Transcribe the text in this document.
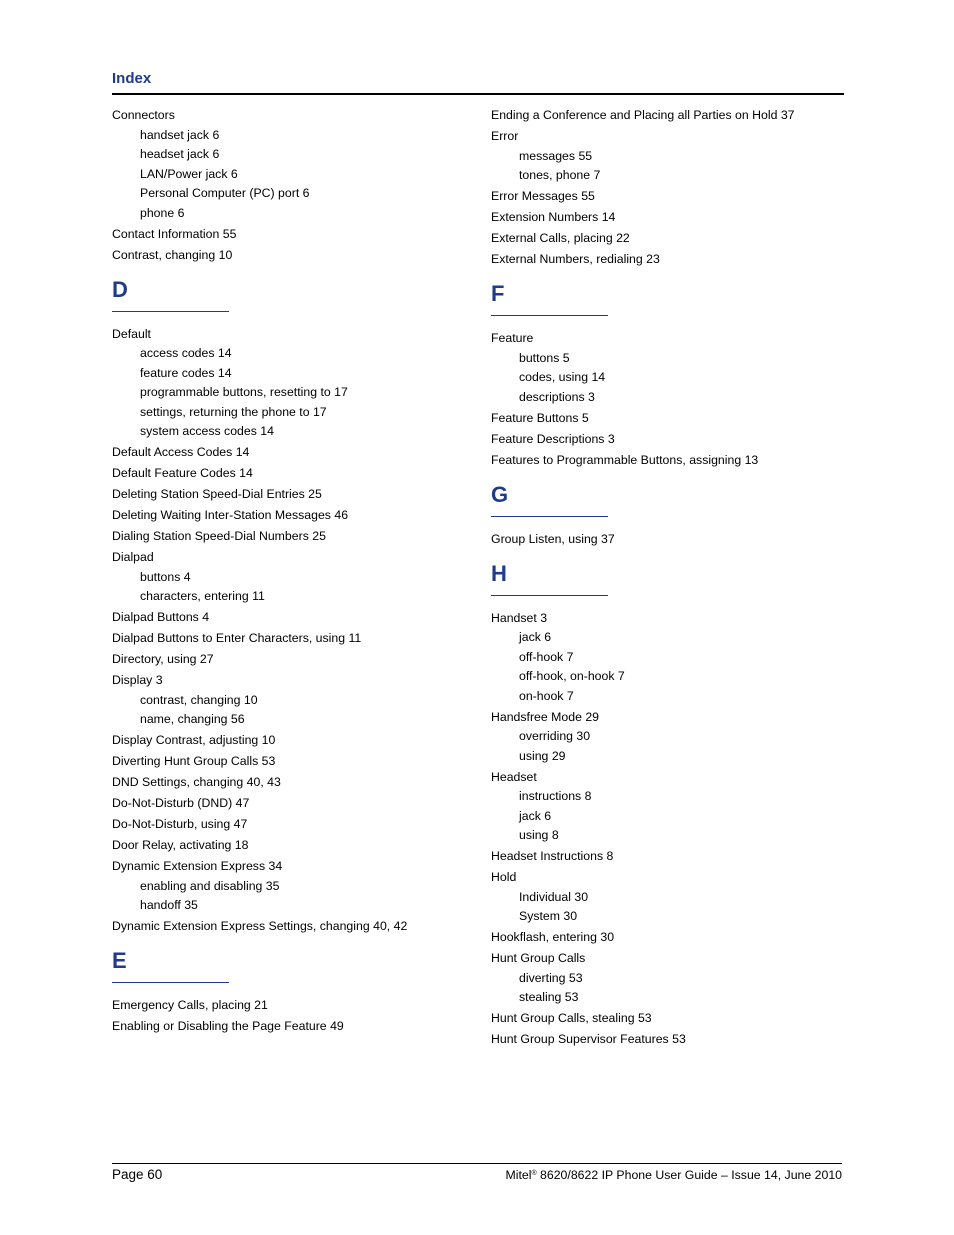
Index
Connectors
handset jack 6
headset jack 6
LAN/Power jack 6
Personal Computer (PC) port 6
phone 6
Contact Information 55
Contrast, changing 10
D
Default
access codes 14
feature codes 14
programmable buttons, resetting to 17
settings, returning the phone to 17
system access codes 14
Default Access Codes 14
Default Feature Codes 14
Deleting Station Speed-Dial Entries 25
Deleting Waiting Inter-Station Messages 46
Dialing Station Speed-Dial Numbers 25
Dialpad
buttons 4
characters, entering 11
Dialpad Buttons 4
Dialpad Buttons to Enter Characters, using 11
Directory, using 27
Display 3
contrast, changing 10
name, changing 56
Display Contrast, adjusting 10
Diverting Hunt Group Calls 53
DND Settings, changing 40, 43
Do-Not-Disturb (DND) 47
Do-Not-Disturb, using 47
Door Relay, activating 18
Dynamic Extension Express 34
enabling and disabling 35
handoff 35
Dynamic Extension Express Settings, changing 40, 42
E
Emergency Calls, placing 21
Enabling or Disabling the Page Feature 49
Ending a Conference and Placing all Parties on Hold 37
Error
messages 55
tones, phone 7
Error Messages 55
Extension Numbers 14
External Calls, placing 22
External Numbers, redialing 23
F
Feature
buttons 5
codes, using 14
descriptions 3
Feature Buttons 5
Feature Descriptions 3
Features to Programmable Buttons, assigning 13
G
Group Listen, using 37
H
Handset 3
jack 6
off-hook 7
off-hook, on-hook 7
on-hook 7
Handsfree Mode 29
overriding 30
using 29
Headset
instructions 8
jack 6
using 8
Headset Instructions 8
Hold
Individual 30
System 30
Hookflash, entering 30
Hunt Group Calls
diverting 53
stealing 53
Hunt Group Calls, stealing 53
Hunt Group Supervisor Features 53
Page 60	Mitel® 8620/8622 IP Phone User Guide – Issue 14, June 2010
